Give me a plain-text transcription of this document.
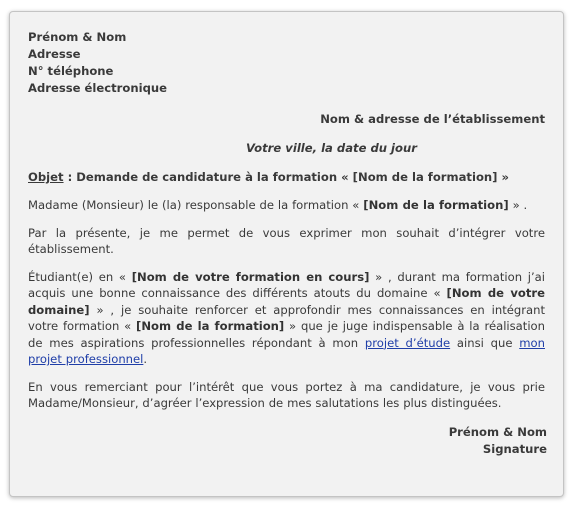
Prénom & Nom

Adresse

N° téléphone

Adresse électronique

Nom & adresse de l’établissement

Votre ville, la date du jour

Objet : Demande de candidature à la formation « [Nom de la formation] »

Madame (Monsieur) le (la) responsable de la formation « [Nom de la formation] » .

Par la présente, je me permet de vous exprimer mon souhait d’intégrer votre établissement.

Étudiant(e) en « [Nom de votre formation en cours] » , durant ma formation j’ai acquis une bonne connaissance des différents atouts du domaine « [Nom de votre domaine] » , je souhaite renforcer et approfondir mes connaissances en intégrant votre formation « [Nom de la formation] » que je juge indispensable à la réalisation de mes aspirations professionnelles répondant à mon projet d’étude ainsi que mon projet professionnel.

En vous remerciant pour l’intérêt que vous portez à ma candidature, je vous prie Madame/Monsieur, d’agréer l’expression de mes salutations les plus distinguées.

Prénom & Nom

Signature
